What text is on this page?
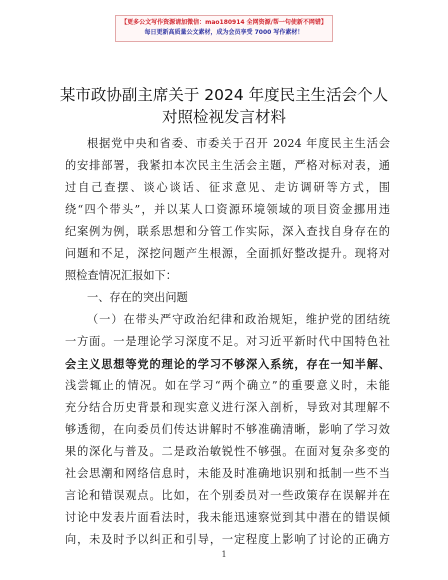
【更多公文写作资源请加微信：mao180914 全网资源/帮一句使新不网错】
每日更新高质量公文素材，成为会员享受 7000 写作素材！
某市政协副主席关于 2024 年度民主生活会个人
对照检视发言材料
根据党中央和省委、市委关于召开 2024 年度民主生活会
的安排部署，我紧扣本次民主生活会主题，严格对标对表，通
过自己查摆、谈心谈话、征求意见、走访调研等方式，围
绕“四个带头”，并以某人口资源环境领域的项目资金挪用违
纪案例为例，联系思想和分管工作实际，深入查找自身存在的
问题和不足，深挖问题产生根源，全面抓好整改提升。现将对
照检查情况汇报如下：
一、存在的突出问题
（一）在带头严守政治纪律和政治规矩，维护党的团结统
一方面。一是理论学习深度不足。对习近平新时代中国特色社
会主义思想等党的理论的学习不够深入系统，存在一知半解、
浅尝辄止的情况。如在学习“两个确立”的重要意义时，未能
充分结合历史背景和现实意义进行深入剖析，导致对其理解不
够透彻，在向委员们传达讲解时不够准确清晰，影响了学习效
果的深化与普及。二是政治敏锐性不够强。在面对复杂多变的
社会思潮和网络信息时，未能及时准确地识别和抵制一些不当
言论和错误观点。比如，在个别委员对一些政策存在误解并在
讨论中发表片面看法时，我未能迅速察觉到其中潜在的错误倾
向，未及时予以纠正和引导，一定程度上影响了讨论的正确方
1
